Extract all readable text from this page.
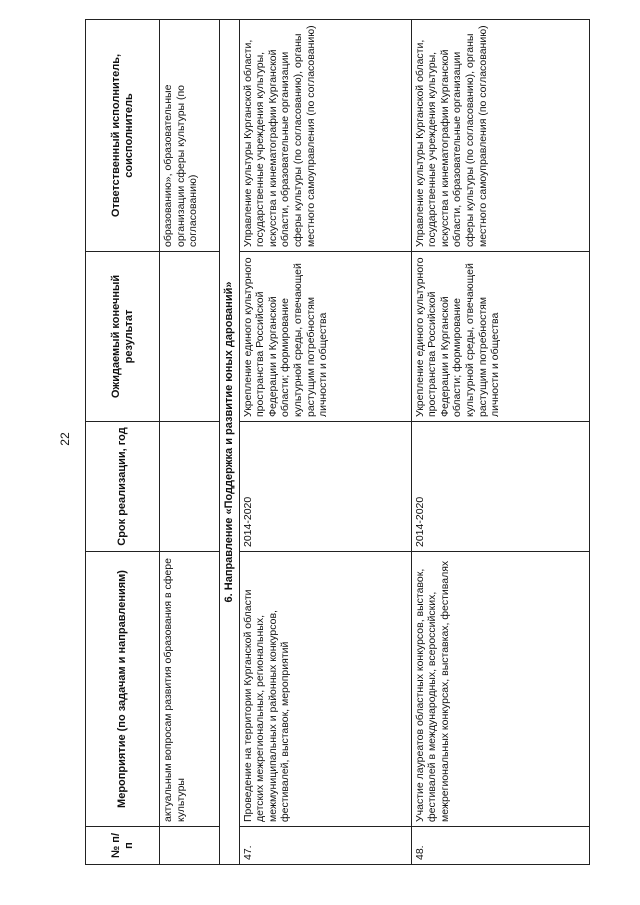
22
№ п/п	Мероприятие (по задачам и направлениям)	Срок реализации, год	Ожидаемый конечный результат	Ответственный исполнитель, соисполнитель
	актуальным вопросам развития образования в сфере культуры			образованию», образовательные организации сферы культуры (по согласованию)
6. Направление «Поддержка и развитие юных дарований»				
47.	Проведение на территории Курганской области детских межрегиональных, региональных, межмуниципальных и районных конкурсов, фестивалей, выставок, мероприятий	2014-2020	Укрепление единого культурного пространства Российской Федерации и Курганской области; формирование культурной среды, отвечающей растущим потребностям личности и общества	Управление культуры Курганской области, государственные учреждения культуры, искусства и кинематографии Курганской области, образовательные организации сферы культуры (по согласованию), органы местного самоуправления (по согласованию)
48.	Участие лауреатов областных конкурсов, выставок, фестивалей в международных, всероссийских, межрегиональных конкурсах, выставках, фестивалях	2014-2020	Укрепление единого культурного пространства Российской Федерации и Курганской области; формирование культурной среды, отвечающей растущим потребностям личности и общества	Управление культуры Курганской области, государственные учреждения культуры, искусства и кинематографии Курганской области, образовательные организации сферы культуры (по согласованию), органы местного самоуправления (по согласованию)
